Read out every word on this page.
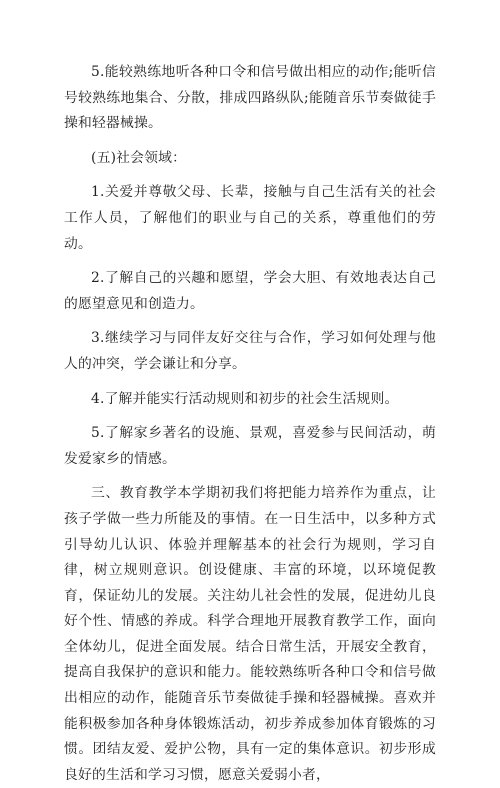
5.能较熟练地听各种口令和信号做出相应的动作;能听信号较熟练地集合、分散，排成四路纵队;能随音乐节奏做徒手操和轻器械操。

(五)社会领域：

1.关爱并尊敬父母、长辈，接触与自己生活有关的社会工作人员，了解他们的职业与自己的关系，尊重他们的劳动。

2.了解自己的兴趣和愿望，学会大胆、有效地表达自己的愿望意见和创造力。

3.继续学习与同伴友好交往与合作，学习如何处理与他人的冲突，学会谦让和分享。

4.了解并能实行活动规则和初步的社会生活规则。

5.了解家乡著名的设施、景观，喜爱参与民间活动，萌发爱家乡的情感。

三、教育教学本学期初我们将把能力培养作为重点，让孩子学做一些力所能及的事情。在一日生活中，以多种方式引导幼儿认识、体验并理解基本的社会行为规则，学习自律，树立规则意识。创设健康、丰富的环境，以环境促教育，保证幼儿的发展。关注幼儿社会性的发展，促进幼儿良好个性、情感的养成。科学合理地开展教育教学工作，面向全体幼儿，促进全面发展。结合日常生活，开展安全教育，提高自我保护的意识和能力。能较熟练听各种口令和信号做出相应的动作，能随音乐节奏做徒手操和轻器械操。喜欢并能积极参加各种身体锻炼活动，初步养成参加体育锻炼的习惯。团结友爱、爱护公物，具有一定的集体意识。初步形成良好的生活和学习习惯，愿意关爱弱小者，
